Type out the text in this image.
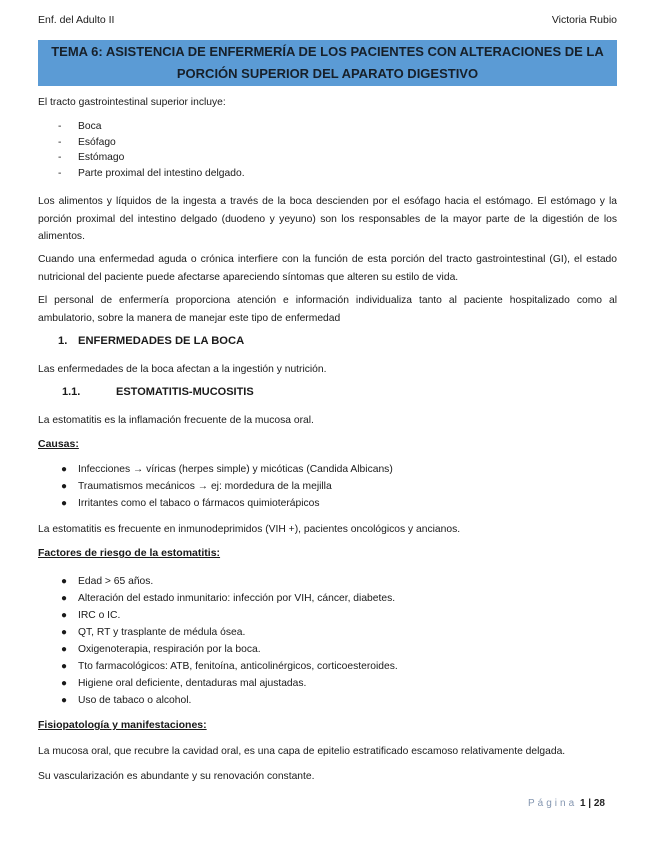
Enf. del Adulto II	Victoria Rubio
TEMA 6: ASISTENCIA DE ENFERMERÍA DE LOS PACIENTES CON ALTERACIONES DE LA
PORCIÓN SUPERIOR DEL APARATO DIGESTIVO
El tracto gastrointestinal superior incluye:
-	Boca
-	Esófago
-	Estómago
-	Parte proximal del intestino delgado.
Los alimentos y líquidos de la ingesta a través de la boca descienden por el esófago hacia el estómago. El estómago y la porción proximal del intestino delgado (duodeno y yeyuno) son los responsables de la mayor parte de la digestión de los alimentos.
Cuando una enfermedad aguda o crónica interfiere con la función de esta porción del tracto gastrointestinal (GI), el estado nutricional del paciente puede afectarse apareciendo síntomas que alteren su estilo de vida.
El personal de enfermería proporciona atención e información individualiza tanto al paciente hospitalizado como al ambulatorio, sobre la manera de manejar este tipo de enfermedad
1. ENFERMEDADES DE LA BOCA
Las enfermedades de la boca afectan a la ingestión y nutrición.
1.1.	ESTOMATITIS-MUCOSITIS
La estomatitis es la inflamación frecuente de la mucosa oral.
Causas:
● Infecciones → víricas (herpes simple) y micóticas (Candida Albicans)
● Traumatismos mecánicos → ej: mordedura de la mejilla
● Irritantes como el tabaco o fármacos quimioterápicos
La estomatitis es frecuente en inmunodeprimidos (VIH +), pacientes oncológicos y ancianos.
Factores de riesgo de la estomatitis:
● Edad > 65 años.
● Alteración del estado inmunitario: infección por VIH, cáncer, diabetes.
● IRC o IC.
● QT, RT y trasplante de médula ósea.
● Oxigenoterapia, respiración por la boca.
● Tto farmacológicos: ATB, fenitoína, anticolinérgicos, corticoesteroides.
● Higiene oral deficiente, dentaduras mal ajustadas.
● Uso de tabaco o alcohol.
Fisiopatología y manifestaciones:
La mucosa oral, que recubre la cavidad oral, es una capa de epitelio estratificado escamoso relativamente delgada.
Su vascularización es abundante y su renovación constante.
Página 1 | 28
